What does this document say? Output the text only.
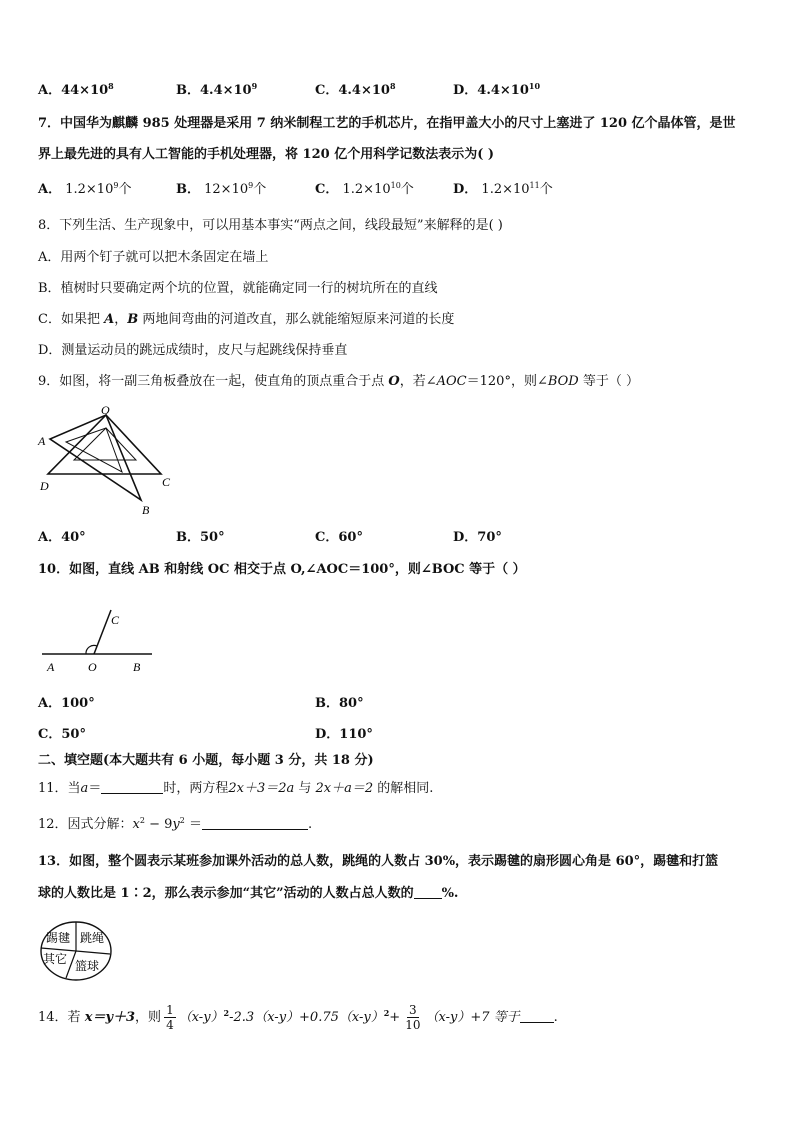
A．$44\times 10^8$	B．$4.4\times 10^9$	C．$4.4\times 10^8$	D．$4.4\times 10^{10}$
7．中国华为麒麟 985 处理器是采用 7 纳米制程工艺的手机芯片，在指甲盖大小的尺寸上塞进了 120 亿个晶体管，是世
界上最先进的具有人工智能的手机处理器，将 120 亿个用科学记数法表示为( )
A． $1.2\times 10^9$个	B． $12\times 10^9$个	C． $1.2\times 10^{10}$个	D． $1.2\times 10^{11}$个
8．下列生活、生产现象中，可以用基本事实“两点之间，线段最短”来解释的是( )
A．用两个钉子就可以把木条固定在墙上
B．植树时只要确定两个坑的位置，就能确定同一行的树坑所在的直线
C．如果把 A，B 两地间弯曲的河道改直，那么就能缩短原来河道的长度
D．测量运动员的跳远成绩时，皮尺与起跳线保持垂直
9．如图，将一副三角板叠放在一起，使直角的顶点重合于点 O，若∠AOC＝120°，则∠BOD 等于（ ）
O
A
D	C
B
A．40°	B．50°	C．60°	D．70°
10．如图，直线 AB 和射线 OC 相交于点 O,∠AOC＝100°，则∠BOC 等于（ ）
A	O	B
C
A．100°	B．80°
C．50°	D．110°
二、填空题(本大题共有 6 小题，每小题 3 分，共 18 分)
11．当a＝	时，两方程2x＋3＝2a 与 2x＋a＝2 的解相同.
12．因式分解：$x^2 - 9y^2$ ＝	.
13．如图，整个圆表示某班参加课外活动的总人数，跳绳的人数占 30%，表示踢毽的扇形圆心角是 60°，踢毽和打篮
球的人数比是 1∶2，那么表示参加“其它”活动的人数占总人数的 %.
踢毽 跳绳
其它 篮球
14．若 x＝y＋3，则 $\frac{1}{4} (x-y)^2-2.3(x-y)+0.75(x-y)^2+ \frac{3}{10} (x-y)+7$ 等于	.
